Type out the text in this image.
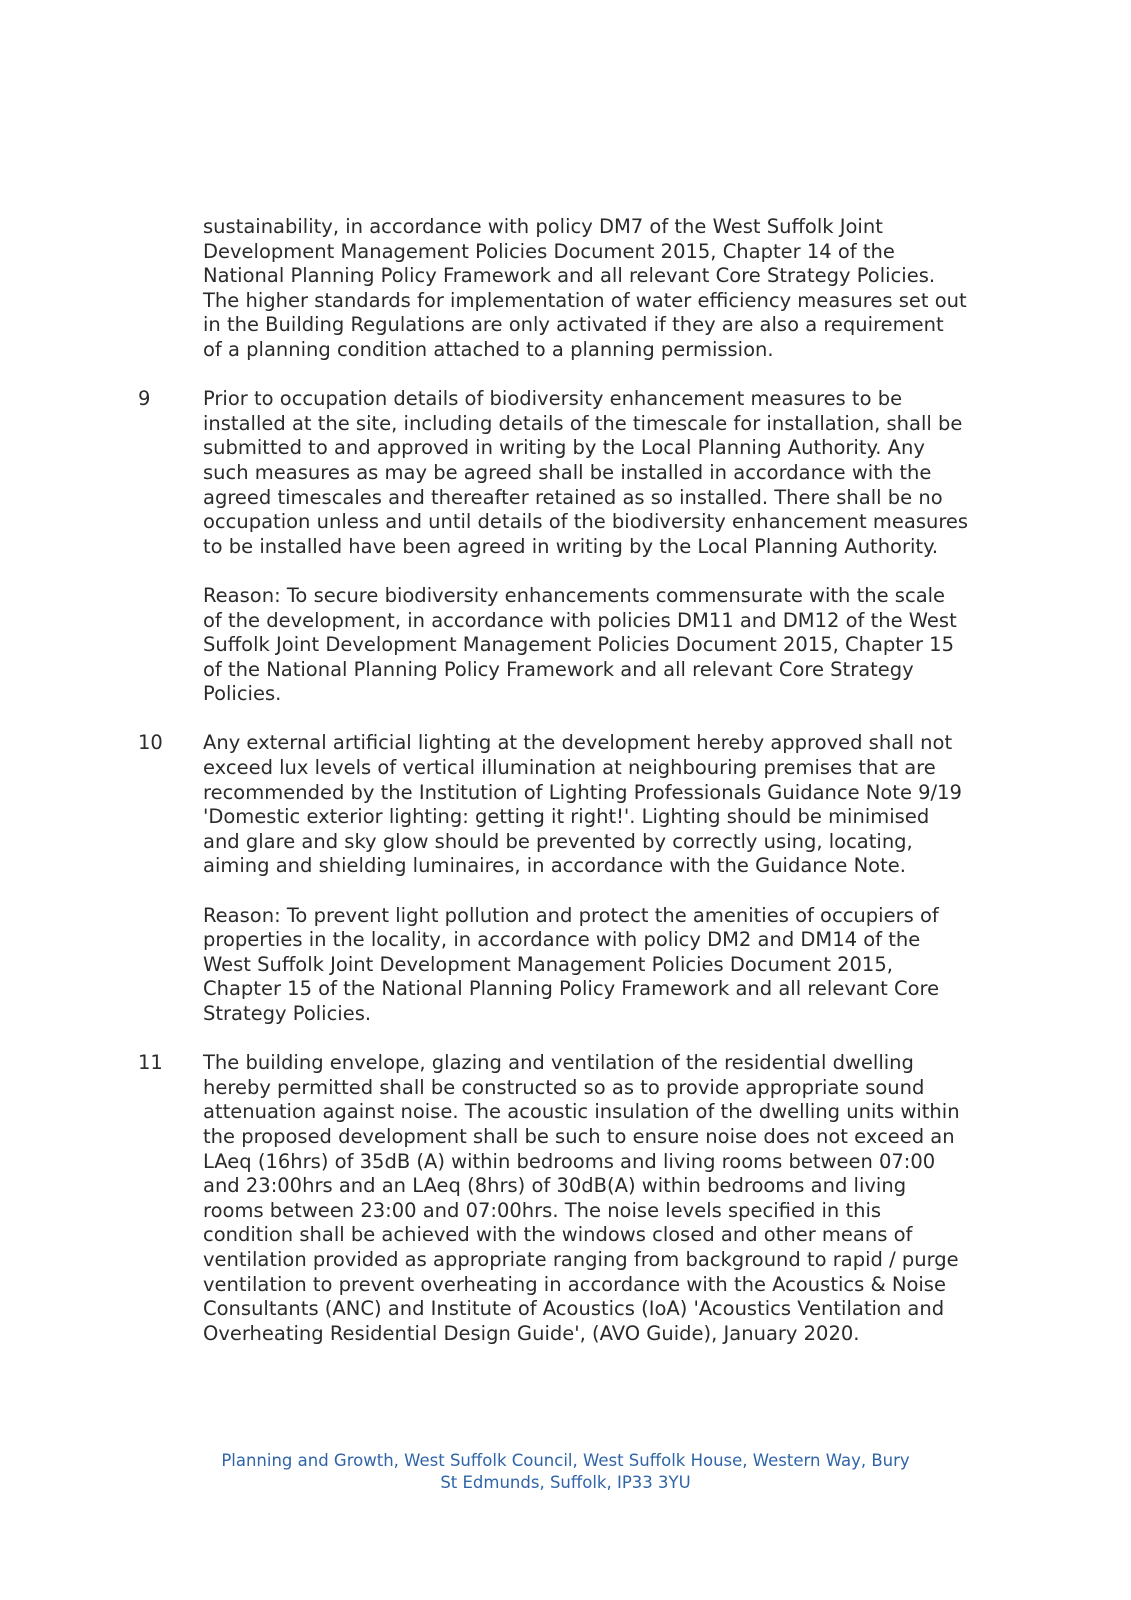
sustainability, in accordance with policy DM7 of the West Suffolk Joint
Development Management Policies Document 2015, Chapter 14 of the
National Planning Policy Framework and all relevant Core Strategy Policies.
The higher standards for implementation of water efficiency measures set out
in the Building Regulations are only activated if they are also a requirement
of a planning condition attached to a planning permission.

9	Prior to occupation details of biodiversity enhancement measures to be
installed at the site, including details of the timescale for installation, shall be
submitted to and approved in writing by the Local Planning Authority. Any
such measures as may be agreed shall be installed in accordance with the
agreed timescales and thereafter retained as so installed. There shall be no
occupation unless and until details of the biodiversity enhancement measures
to be installed have been agreed in writing by the Local Planning Authority.

Reason: To secure biodiversity enhancements commensurate with the scale
of the development, in accordance with policies DM11 and DM12 of the West
Suffolk Joint Development Management Policies Document 2015, Chapter 15
of the National Planning Policy Framework and all relevant Core Strategy
Policies.

10	Any external artificial lighting at the development hereby approved shall not
exceed lux levels of vertical illumination at neighbouring premises that are
recommended by the Institution of Lighting Professionals Guidance Note 9/19
'Domestic exterior lighting: getting it right!'. Lighting should be minimised
and glare and sky glow should be prevented by correctly using, locating,
aiming and shielding luminaires, in accordance with the Guidance Note.

Reason: To prevent light pollution and protect the amenities of occupiers of
properties in the locality, in accordance with policy DM2 and DM14 of the
West Suffolk Joint Development Management Policies Document 2015,
Chapter 15 of the National Planning Policy Framework and all relevant Core
Strategy Policies.

11	The building envelope, glazing and ventilation of the residential dwelling
hereby permitted shall be constructed so as to provide appropriate sound
attenuation against noise. The acoustic insulation of the dwelling units within
the proposed development shall be such to ensure noise does not exceed an
LAeq (16hrs) of 35dB (A) within bedrooms and living rooms between 07:00
and 23:00hrs and an LAeq (8hrs) of 30dB(A) within bedrooms and living
rooms between 23:00 and 07:00hrs. The noise levels specified in this
condition shall be achieved with the windows closed and other means of
ventilation provided as appropriate ranging from background to rapid / purge
ventilation to prevent overheating in accordance with the Acoustics & Noise
Consultants (ANC) and Institute of Acoustics (IoA) 'Acoustics Ventilation and
Overheating Residential Design Guide', (AVO Guide), January 2020.

Planning and Growth, West Suffolk Council, West Suffolk House, Western Way, Bury
St Edmunds, Suffolk, IP33 3YU
